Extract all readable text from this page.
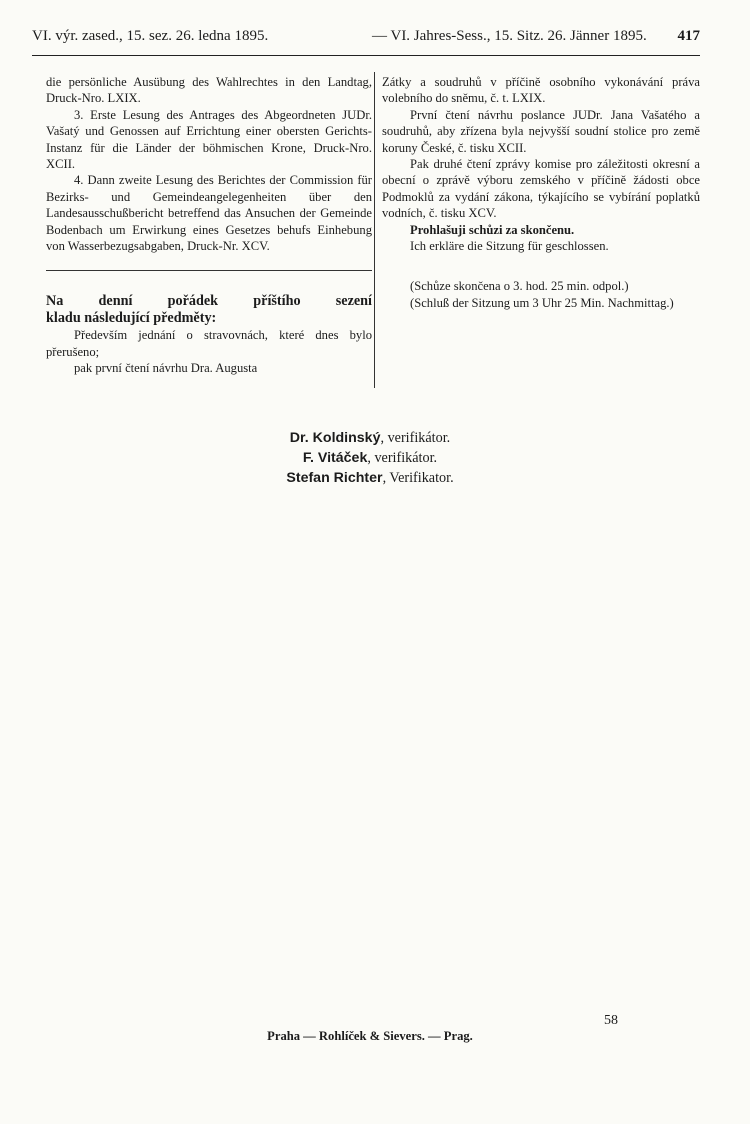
VI. výr. zased., 15. sez. 26. ledna 1895.	— VI. Jahres-Sess., 15. Sitz. 26. Jänner 1895. 417

die persönliche Ausübung des Wahlrechtes in den Landtag, Druck-Nro. LXIX.

3. Erste Lesung des Antrages des Abgeordneten JUDr. Vašatý und Genossen auf Errichtung einer obersten Gerichts-Instanz für die Länder der böhmischen Krone, Druck-Nro. XCII.

4. Dann zweite Lesung des Berichtes der Commission für Bezirks- und Gemeindeangelegenheiten über den Landesausschußbericht betreffend das Ansuchen der Gemeinde Bodenbach um Erwirkung eines Gesetzes behufs Einhebung von Wasserbezugsabgaben, Druck-Nr. XCV.

Na denní pořádek příštího sezení

kladu následující předměty:

Především jednání o stravovnách, které dnes bylo přerušeno;

pak první čtení návrhu Dra. Augusta

Zátky a soudruhů v příčině osobního vykonávání práva volebního do sněmu, č. t. LXIX.

První čtení návrhu poslance JUDr. Jana Vašatého a soudruhů, aby zřízena byla nejvyšší soudní stolice pro země koruny České, č. tisku XCII.

Pak druhé čtení zprávy komise pro záležitosti okresní a obecní o zprávě výboru zemského v příčině žádosti obce Podmoklů za vydání zákona, týkajícího se vybírání poplatků vodních, č. tisku XCV.

Prohlašuji schůzi za skončenu.

Ich erkläre die Sitzung für geschlossen.

(Schůze skončena o 3. hod. 25 min. odpol.)

(Schluß der Sitzung um 3 Uhr 25 Min. Nachmittag.)

Dr. Koldinský, verifikátor.
F. Vitáček, verifikátor.
Stefan Richter, Verifikator.
58
Praha — Rohlíček & Sievers. — Prag.
